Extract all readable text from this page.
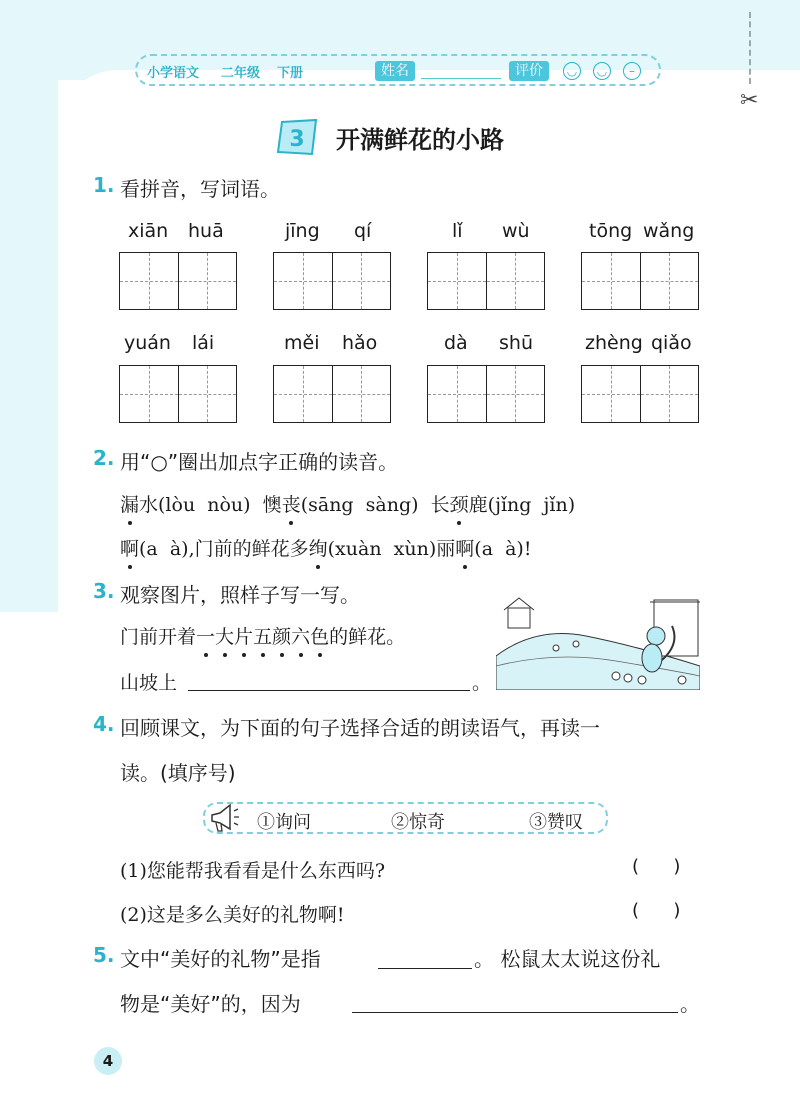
✂
小学语文 二年级 下册	姓名	评价	◡	◡	–
3 开满鲜花的小路
1. 看拼音，写词语。
xiān huā	jīng qí	lǐ wù	tōng wǎng
yuán lái	měi hǎo	dà shū	zhèng qiǎo
2. 用“○”圈出加点字正确的读音。
漏水(lòu  nòu)  懊丧(sāng  sàng)  长颈鹿(jǐng  jǐn)
啊(a  à),门前的鲜花多绚(xuàn  xùn)丽啊(a  à)!
3. 观察图片，照样子写一写。
门前开着一大片五颜六色的鲜花。
山坡上	。
4. 回顾课文，为下面的句子选择合适的朗读语气，再读一
读。(填序号)
①询问	②惊奇	③赞叹
(1)您能帮我看看是什么东西吗?	(      )
(2)这是多么美好的礼物啊!	(      )
5. 文中“美好的礼物”是指	。 松鼠太太说这份礼
物是“美好”的，因为	。
4
